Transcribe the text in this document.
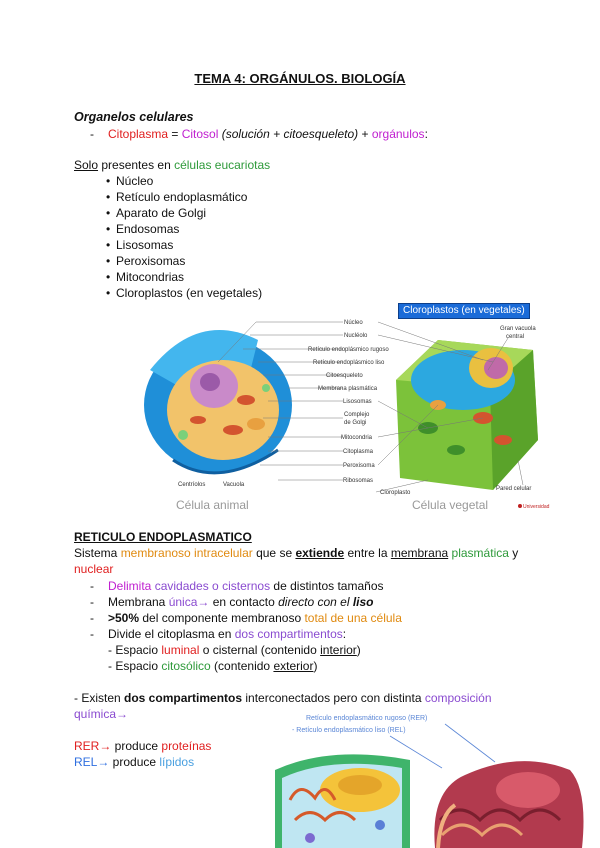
TEMA 4: ORGÁNULOS. BIOLOGÍA
Organelos celulares
- Citoplasma = Citosol (solución + citoesqueleto) + orgánulos:
Solo presentes en células eucariotas
• Núcleo
• Retículo endoplasmático
• Aparato de Golgi
• Endosomas
• Lisosomas
• Peroxisomas
• Mitocondrias
• Cloroplastos (en vegetales)
Núcleo
Nucléolo
Retículo endoplásmico rugoso
Retículo endoplásmico liso
Citoesqueleto
Membrana plasmática
Lisosomas
Complejo
de Golgi
Mitocondria
Citoplasma
Peroxisoma
Ribosomas
Gran vacuola
central
Pared celular
Cloroplasto
Centríolos	Vacuola
Universidad
Célula animal	Célula vegetal
Cloroplastos (en vegetales)
RETICULO ENDOPLASMATICO
Sistema membranoso intracelular que se extiende entre la membrana plasmática y
nuclear
- Delimita cavidades o cisternos de distintos tamaños
- Membrana única→ en contacto directo con el liso
- >50% del componente membranoso total de una célula
- Divide el citoplasma en dos compartimentos:
- Espacio luminal o cisternal (contenido interior)
- Espacio citosólico (contenido exterior)
- Existen dos compartimentos interconectados pero con distinta composición
química→
RER→ produce proteínas
REL→ produce lípidos
Retículo endoplasmático rugoso (RER)
- Retículo endoplasmático liso (REL)
